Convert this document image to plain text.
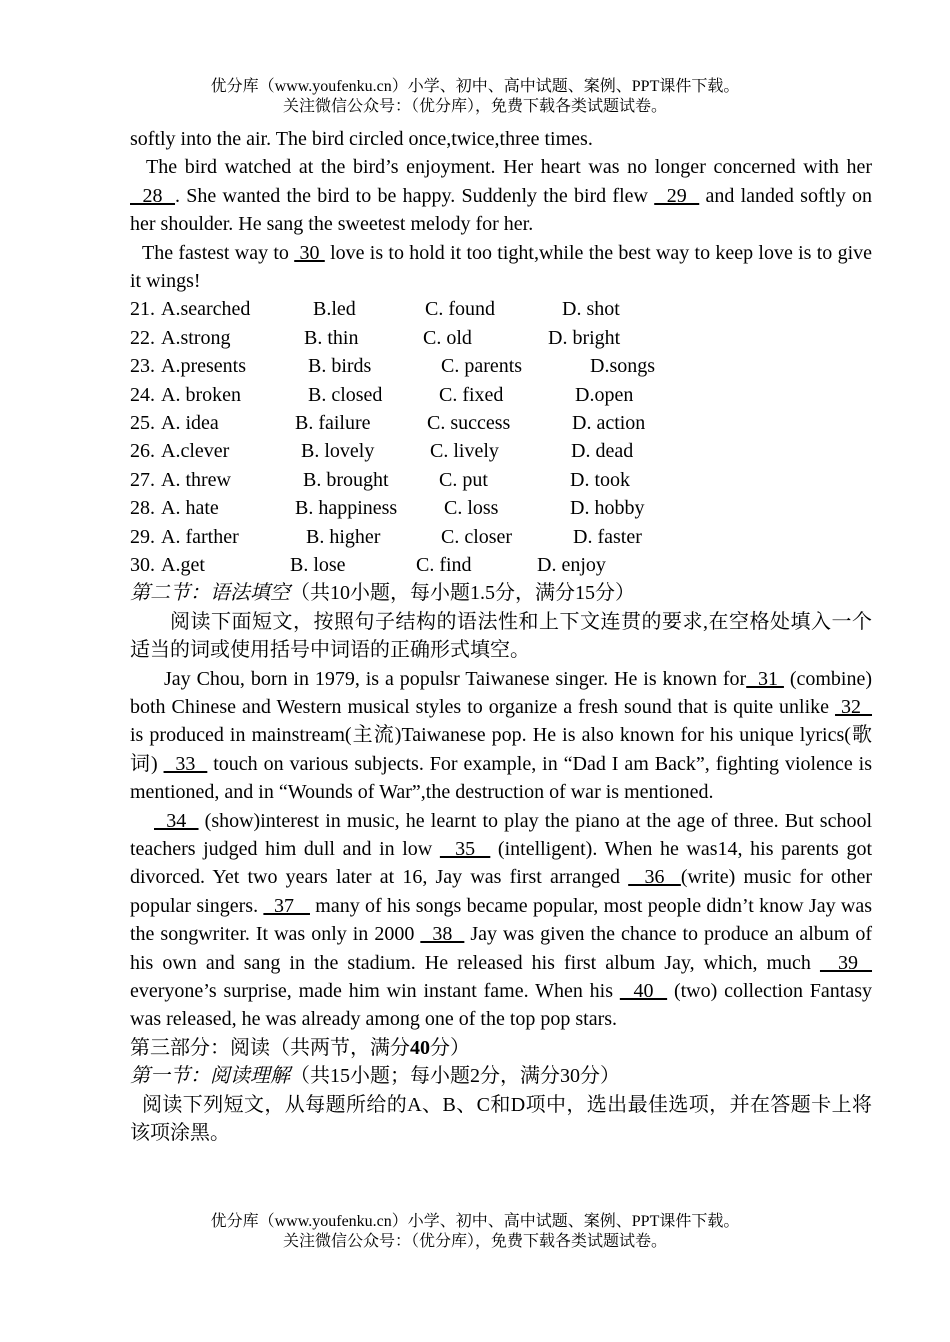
优分库（www.youfenku.cn）小学、初中、高中试题、案例、PPT课件下载。
关注微信公众号：（优分库），免费下载各类试题试卷。

softly into the air. The bird circled once,twice,three times.

The bird watched at the bird’s enjoyment. Her heart was no longer concerned with her   28  . She wanted the bird to be happy. Suddenly the bird flew   29   and landed softly on her shoulder. He sang the sweetest melody for her.

The fastest way to  30  love is to hold it too tight,while the best way to keep love is to give it wings!

21. A.searched	B.led	C. found	D. shot
22. A.strong	B. thin	C. old	D. bright
23. A.presents	B. birds	C. parents	D.songs
24. A. broken	B. closed	C. fixed	D.open
25. A. idea	B. failure	C. success	D. action
26. A.clever	B. lovely	C. lively	D. dead
27. A. threw	B. brought	C. put	D. took
28. A. hate	B. happiness C. loss	D. hobby
29. A. farther	B. higher	C. closer	D. faster
30. A.get	B. lose	C. find	D. enjoy

第二节：语法填空（共10小题，每小题1.5分，满分15分）

阅读下面短文，按照句子结构的语法性和上下文连贯的要求,在空格处填入一个适当的词或使用括号中词语的正确形式填空。

Jay Chou, born in 1979, is a populsr Taiwanese singer. He is known for  31  (combine) both Chinese and Western musical styles to organize a fresh sound that is quite unlike  32   is produced in mainstream(主流)Taiwanese pop. He is also known for his unique lyrics(歌词)   33   touch on various subjects. For example, in “Dad I am Back”, fighting violence is mentioned, and in “Wounds of War”,the destruction of war is mentioned.

34   (show)interest in music, he learnt to play the piano at the age of three. But school teachers judged him dull and in low   35   (intelligent). When he was14, his parents got divorced. Yet two years later at 16, Jay was first arranged   36  (write) music for other popular singers.   37    many of his songs became popular, most people didn’t know Jay was the songwriter. It was only in 2000   38   Jay was given the chance to produce an album of his own and sang in the stadium. He released his first album Jay, which, much   39   everyone’s surprise, made him win instant fame. When his   40   (two) collection Fantasy was released, he was already among one of the top pop stars.

第三部分：阅读（共两节，满分40分）

第一节：阅读理解（共15小题；每小题2分，满分30分）

阅读下列短文，从每题所给的A、B、C和D项中，选出最佳选项，并在答题卡上将该项涂黑。

优分库（www.youfenku.cn）小学、初中、高中试题、案例、PPT课件下载。
关注微信公众号：（优分库），免费下载各类试题试卷。
